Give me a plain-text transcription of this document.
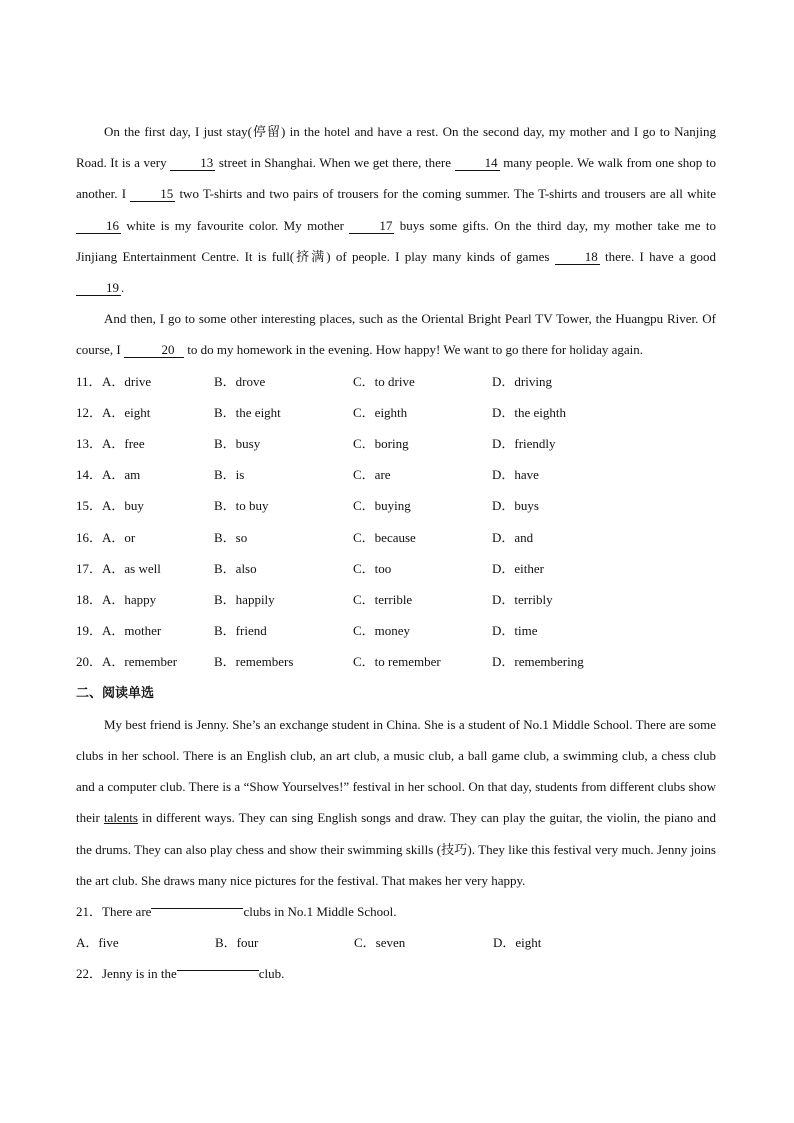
On the first day, I just stay(停留) in the hotel and have a rest. On the second day, my mother and I go to Nanjing Road. It is a very 13 street in Shanghai. When we get there, there 14 many people. We walk from one shop to another. I 15 two T-shirts and two pairs of trousers for the coming summer. The T-shirts and trousers are all white 16 white is my favourite color. My mother 17 buys some gifts. On the third day, my mother take me to Jinjiang Entertainment Centre. It is full(挤满) of people. I play many kinds of games 18 there. I have a good 19 .

And then, I go to some other interesting places, such as the Oriental Bright Pearl TV Tower, the Huangpu River. Of course, I	20 to do my homework in the evening. How happy! We want to go there for holiday again.

11． A．drive	B．drove	C．to drive	D．driving
12． A．eight	B．the eight	C．eighth	D．the eighth
13． A．free	B．busy	C．boring	D．friendly
14． A．am	B．is	C．are	D．have
15． A．buy	B．to buy	C．buying	D．buys
16． A．or	B．so	C．because	D．and
17． A．as well	B．also	C．too	D．either
18． A．happy	B．happily	C．terrible	D．terribly
19． A．mother	B．friend	C．money	D．time
20． A．remember	B．remembers	C．to remember	D．remembering
二、阅读单选

My best friend is Jenny. She’s an exchange student in China. She is a student of No.1 Middle School. There are some clubs in her school. There is an English club, an art club, a music club, a ball game club, a swimming club, a chess club and a computer club. There is a “Show Yourselves!” festival in her school. On that day, students from different clubs show their talents in different ways. They can sing English songs and draw. They can play the guitar, the violin, the piano and the drums. They can also play chess and show their swimming skills (技巧). They like this festival very much. Jenny joins the art club. She draws many nice pictures for the festival. That makes her very happy.

21． There are	clubs in No.1 Middle School.
A．five	B．four	C．seven	D．eight
22． Jenny is in the	club.
